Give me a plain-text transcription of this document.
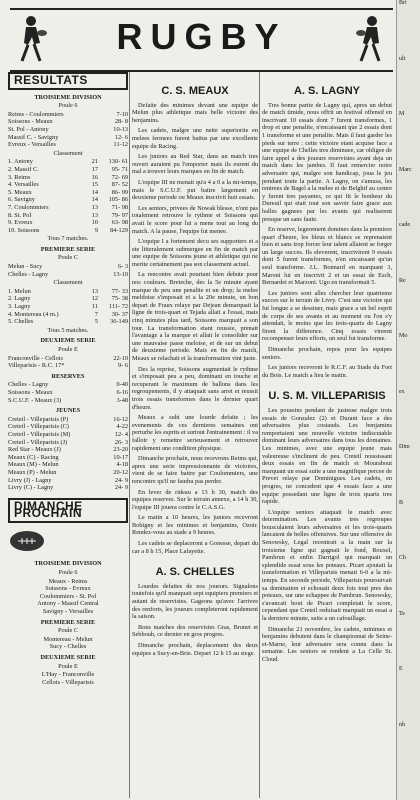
RUGBY
Bri
ult
M
Marc
cade
Re
Mo
ex
Dim
B
Ch
Te
E
nh
RESULTATS
TROISIEME DIVISION
Poule 6
Reims - Coulommiers	7-10
Soissons - Meaux	28- 8
St. Pol - Antony	10-13
Massif C. - Savigny	12- 6
Evreux - Versailles	11-12
Classement
1. Antony	21	130- 61
2. Massif C.	17	95- 71
3. Reims	16	72- 69
4. Versailles	15	87- 52
5. Meaux	14	86- 99
6. Savigny	14	105- 86
7. Coulommiers	13	71- 98
8. St. Pol	13	79- 97
9. Evreux	10	63- 98
10. Soissons	9	84-129
Tous 7 matches.
PREMIERE SERIE
Poule C
Melun - Sucy	6- 3
Chelles - Lagny	13-10
Classement
1. Melun	13	77- 33
2. Lagny	12	75- 38
3. Lagny	11	111- 72
4. Montereau (4 m.)	7	30- 37
5. Chelles	5	36-149
Tous 5 matches.
DEUXIEME SERIE
Poule E
Franconville - Cellois	22-10
Villeparisis - R.C. 17*	9- 6
RESERVES
Chelles - Lagny	0-40
Soissons - Meaux	6-16
S.C.U.F. - Meaux (3)	3-48
JEUNES
Creteil - Villeparisis (P)	16-12
Creteil - Villeparisis (C)	4-22
Creteil - Villeparisis (M)	12- 4
Creteil - Villeparisis (J)	26- 3
Red Star - Meaux (J)	23-20
Meaux (C) - Racing	10-17
Meaux (M) - Melun	4-18
Meaux (P) - Melun	20-12
Livry (J) - Lagny	24- 9
Livry (C) - Lagny	24- 9
DIMANCHE PROCHAIN
TROISIEME DIVISION
Poule 6
Meaux - Reims
Soissons - Evreux
Coulommiers - St. Pol
Antony - Massif Central
Savigny - Versailles
PREMIERE SERIE
Poule C
Montereau - Melun
Sucy - Chelles
DEUXIEME SERIE
Poule E
L'Hay - Franconville
Cellois - Villeparisis
C. S. MEAUX

Defaite des minimes devant une equipe de Melun plus athletique mais belle victoire des benjamins.

Les cadets, malgre une nette superiorite en melees fermees furent battus par une excellente equipe du Racing.

Les juniors au Red Star, dans un match tres ouvert auraient pu l'emporter mais ils eurent du mal a trouver leurs marques en fin de match.

L'equipe III ne menait qu'a 4 a 0 a la mi-temps, mais le S.C.U.F. put battre largement en deuxieme periode ou Meaux inscrivit huit essais.

Les seniors, privees de Nowak blesse, n'ont pas totalement retrouve le rythme et Soissons qui avait le score pour lui a mene tout au long du match. A la pause, l'equipe fut menee.

L'equipe I a fortement decu ses supporters et a ete litteralement submergee en fin de match par une equipe de Soissons jeune et athletique qui ne merite certainement pas son classement actuel.

La rencontre avait pourtant bien debute pour nos couleurs. Breteche, des la 5e minute ayant marque de peu une penalite et un drop; la melee meldoise s'imposait et a la 20e minute, un bon depart de Fraux relaye par Dejean demarquait la ligne de trois-quart et Tejada allait a l'essai, mais cinq minutes plus tard, Soissons marquait a son tour. La transformation etant reussie, prenait l'avantage a la marque et allait le consolider sur une mauvaise passe meloise, et de sur un debut de deuxieme periode. Mais en fin de match, Meaux se relachait et la transformation vint juste.

Des la reprise, Soissons augmentait le rythme et s'imposait peu a peu, dominant en touche et recuperant le maximum de ballons dans les regroupements, il y attaquait sans arret et reussit trois essais transformes dans le dernier quart d'heure.

Meaux a subi une lourde defaite ; les evenements de ces dernieres semaines ont perturbe les esprits et surtout l'entrainement : il va falloir y remettre serieusement et retrouver rapidement une condition physique.

Dimanche prochain, nous recevrons Reims qui, apres une serie impressionnante de victoires, vient de se faire battre par Coulommiers, une rencontre qu'il ne faudra pas perdre.

En lever de rideau a 13 h 30, match des equipes reserves. Sur le terrain annexe, a 14 h 30, l'equipe III jouera contre le C.A.S.G.

Le matin a 10 heures, les juniors recevront Bobigny et les minimes et benjamins, Ozoir. Rendez-vous au stade a 9 heures.

Les cadets se deplaceront a Gonesse, depart du car a 8 h 15, Place Lafayette.

A. S. CHELLES

Lourdes defaites de nos joueurs. Signalons toutefois qu'il manquait sept equipiers premiers et autant de reservistes. Gageons qu'avec l'arrivee des renforts, les joueurs completeront rapidement la saison.

Bons matches des reservistes Gras, Brunet et Sebbouh, ce dernier en gros progres.

Dimanche prochain, deplacement des deux equipes a Sucy-en-Brie. Depart 12 h 15 au siege.

A. S. LAGNY

Tres bonne partie de Lagny qui, apres un debut de match timide, nous offrit un festival offensif en inscrivant 10 essais dont 7 furent transformes, 1 drop et une penalite, n'encaissant que 2 essais dont 1 transforme et une penalite. Mais il faut garder les pieds sur terre : cette victoire etant acquise face a une equipe de Chelles tres diminuee, car obligee de faire appel a des joueurs reservistes ayant deja un match dans les jambes. Il faut remercier notre adversaire qui, malgre son handicap, joua le jeu pendant toute la partie. A Lagny, on s'amusa, les rentrees de Bagel a la melee et de Belghif au centre y furent tres payantes, ce qui fit le bonheur du Dureuil qui etait tout son savoir faire grace aux balles gagnees par les avants qui realiserent presque un sans faute.

En reserve, legerement domines dans la premiere quart d'heure, les bleus et blancs se reprenaient bien et sans trop forcer leur talent allaient se forger un large succes. Ils eleverent, inscrivirent 9 essais dont 5 furent transformes, n'en encaissant qu'un seul transforme. J.L. Bonnard en marquant 3, Maroni lui en inscrivit 2 et un essai de Esch, Bernardet et Marzoni. Ugo en transformait 5.

Les juniors sont alles chercher leur quatrieme succes sur le terrain de Livry. C'est une victoire qui fut longue a se dessiner, mais grace a un bel esprit de corps de ses avants et au moment ou l'on s'y attendait, le moins que les trois-quarts de Lagny firent la difference. Cinq essais vinrent recompenser leurs efforts, un seul fut transforme.

Dimanche prochain, repos pour les equipes seniors.

Les juniors recevront le R.C.F. au Stade du Fort du Bois. Le match a lieu le matin.

U. S. M. VILLEPARISIS

Les poussins pendant de justesse malgre trois essais de Gonzalez (2) et Durant face a des adversaires plus costauds. Les benjamins remportaient une nouvelle victoire indiscutable dominant leurs adversaires dans tous les domaines. Les minimes, avec une equipe jeune mais valeureuse s'inclinent de peu. Creteil reussissant deux essais en fin de match et Mourabout marquant un essai suite a une magnifique percee de Prevet relaye par Dominigues. Les cadets, en progres, ne concedent que 4 essais face a une equipe possedant une ligne de trois quarts tres rapide.

L'equipe seniors attaquait le match avec determination. Les avants tres regroupes bousculaient leurs adversaires et les trois-quarts lancaient de belles offensives. Sur une offensive de Senowsky, Legal recentrait a la main sur la troisieme ligne qui gagnait le fond, Rouxel, Pambrun et enfin Darrigol qui marquait un splendide essai sous les poteaux. Picart ajoutait la transformation et Villeparisis menait 6-0 a la mi-temps. En seconde periode, Villeparisis poursuivait sa domination et echouait deux fois tout pres des poteaux, sur une echappee de Pambrun. Senowsky, s'avancait bout de Picart completait le score, cependant que Creteil reduisait marquait un essai a la derniere minute, suite a un cafouillage.

Dimanche 21 novembre, les cadets, minimes et benjamins debutent dans le championnat de Seine-et-Marne, leur adversaire sera connu dans la semaine. Les seniors se rendent a La Celle St. Cloud.
